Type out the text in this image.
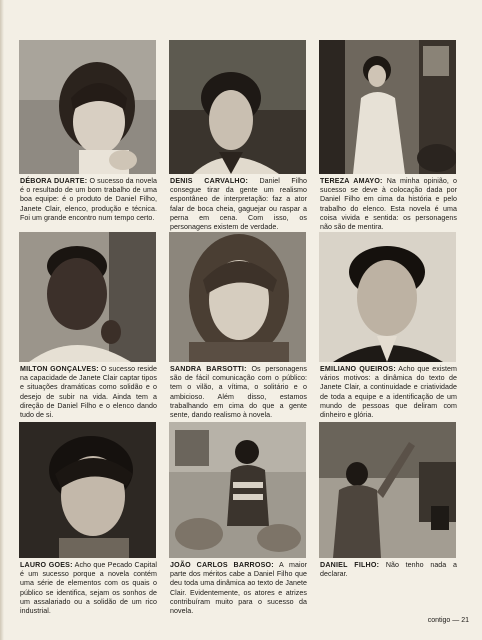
DÉBORA DUARTE: O sucesso da novela é o resultado de um bom trabalho de uma boa equipe: é o produto de Daniel Filho, Janete Clair, elenco, produção e técnica. Foi um grande encontro num tempo certo.
DENIS CARVALHO: Daniel Filho consegue tirar da gente um realismo espontâneo de interpretação: faz a ator falar de boca cheia, gaguejar ou raspar a perna em cena. Com isso, os personagens existem de verdade.
TEREZA AMAYO: Na minha opinião, o sucesso se deve à colocação dada por Daniel Filho em cima da história e pelo trabalho do elenco. Esta novela é uma coisa vivida e sentida: os personagens não são de mentira.
MILTON GONÇALVES: O sucesso reside na capacidade de Janete Clair captar tipos e situações dramáticas como solidão e o desejo de subir na vida. Ainda tem a direção de Daniel Filho e o elenco dando tudo de si.
SANDRA BARSOTTI: Os personagens são de fácil comunicação com o público: tem o vilão, a vítima, o solitário e o ambicioso. Além disso, estamos trabalhando em cima do que a gente sente, dando realismo à novela.
EMILIANO QUEIROS: Acho que existem vários motivos: a dinâmica do texto de Janete Clair, a continuidade e criatividade de toda a equipe e a identificação de um mundo de pessoas que deliram com dinheiro e glória.
LAURO GOES: Acho que Pecado Capital é um sucesso porque a novela contém uma série de elementos com os quais o público se identifica, sejam os sonhos de um assalariado ou a solidão de um rico industrial.
JOÃO CARLOS BARROSO: A maior parte dos méritos cabe a Daniel Filho que deu toda uma dinâmica ao texto de Janete Clair. Evidentemente, os atores e atrizes contribuíram muito para o sucesso da novela.
DANIEL FILHO: Não tenho nada a declarar.
contigo — 21
